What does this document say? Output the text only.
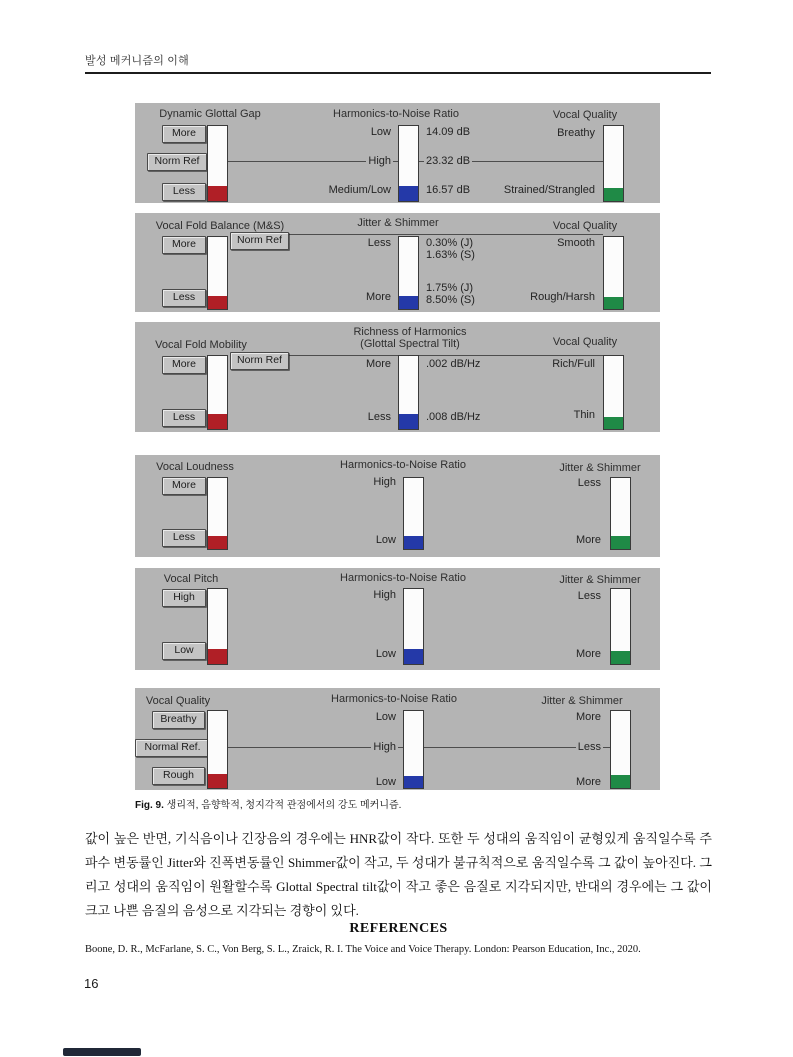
발성 메커니즘의 이해
Dynamic Glottal Gap	Harmonics-to-Noise Ratio	Vocal Quality
More
Norm Ref
Less
Low
High
Medium/Low
14.09 dB
23.32 dB
16.57 dB
Breathy
Strained/Strangled
Vocal Fold Balance (M&S)	Jitter & Shimmer	Vocal Quality
More	Norm Ref
Less
Less
More
0.30% (J)
1.63% (S)
1.75% (J)
8.50% (S)
Smooth
Rough/Harsh
Vocal Fold Mobility
Richness of Harmonics
(Glottal Spectral Tilt)	Vocal Quality
More	Norm Ref
Less
More
Less
.002 dB/Hz
.008 dB/Hz
Rich/Full
Thin
Vocal Loudness	Harmonics-to-Noise Ratio	Jitter & Shimmer
More
Less
High
Low
Less
More
Vocal Pitch	Harmonics-to-Noise Ratio	Jitter & Shimmer
High
Low
High
Low
Less
More
Vocal Quality	Harmonics-to-Noise Ratio	Jitter & Shimmer
Breathy
Normal Ref.
Rough
Low
High
Low
More
Less
More
Fig. 9. 생리적, 음향학적, 청지각적 관점에서의 강도 메커니즘.
값이 높은 반면, 기식음이나 긴장음의 경우에는 HNR값이 작다. 또한 두 성대의 움직임이 균형있게 움직일수록 주파수 변동률인 Jitter와 진폭변동률인 Shimmer값이 작고, 두 성대가 불규칙적으로 움직일수록 그 값이 높아진다. 그리고 성대의 움직임이 원활할수록 Glottal Spectral tilt값이 작고 좋은 음질로 지각되지만, 반대의 경우에는 그 값이 크고 나쁜 음질의 음성으로 지각되는 경향이 있다.
REFERENCES
Boone, D. R., McFarlane, S. C., Von Berg, S. L., Zraick, R. I. The Voice and Voice Therapy. London: Pearson Education, Inc., 2020.
16
